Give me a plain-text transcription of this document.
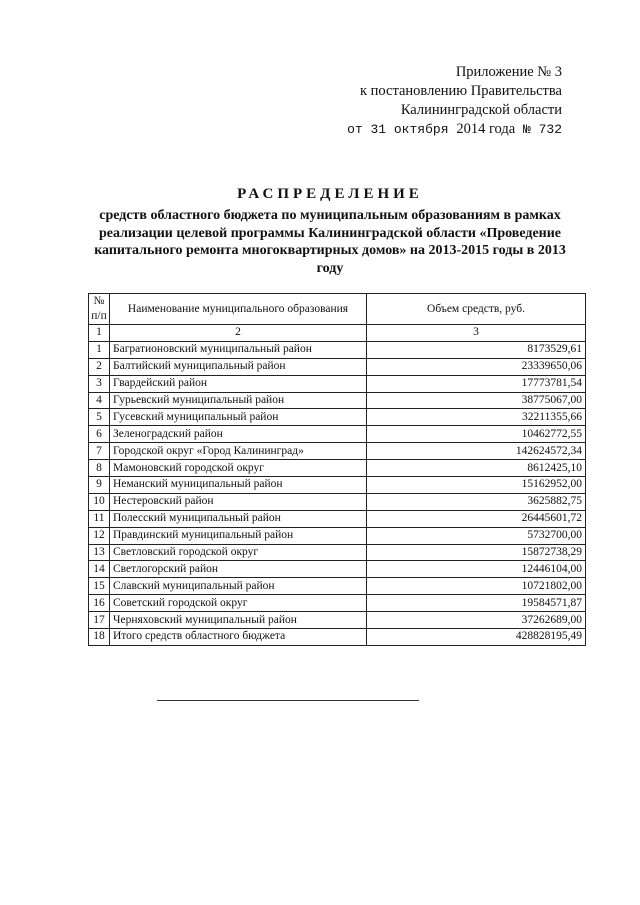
Приложение № 3
к постановлению Правительства
Калининградской области
от 31 октября 2014 года № 732
РАСПРЕДЕЛЕНИЕ
средств областного бюджета по муниципальным образованиям в рамках реализации целевой программы Калининградской области «Проведение капитального ремонта многоквартирных домов» на 2013-2015 годы в 2013 году
№ п/п	Наименование муниципального образования	Объем средств, руб.
1	2	3
1	Багратионовский муниципальный район	8173529,61
2	Балтийский муниципальный район	23339650,06
3	Гвардейский район	17773781,54
4	Гурьевский муниципальный район	38775067,00
5	Гусевский муниципальный район	32211355,66
6	Зеленоградский район	10462772,55
7	Городской округ «Город Калининград»	142624572,34
8	Мамоновский городской округ	8612425,10
9	Неманский муниципальный район	15162952,00
10	Нестеровский район	3625882,75
11	Полесский муниципальный район	26445601,72
12	Правдинский муниципальный район	5732700,00
13	Светловский городской округ	15872738,29
14	Светлогорский район	12446104,00
15	Славский муниципальный район	10721802,00
16	Советский городской округ	19584571,87
17	Черняховский муниципальный район	37262689,00
18	Итого средств областного бюджета	428828195,49
